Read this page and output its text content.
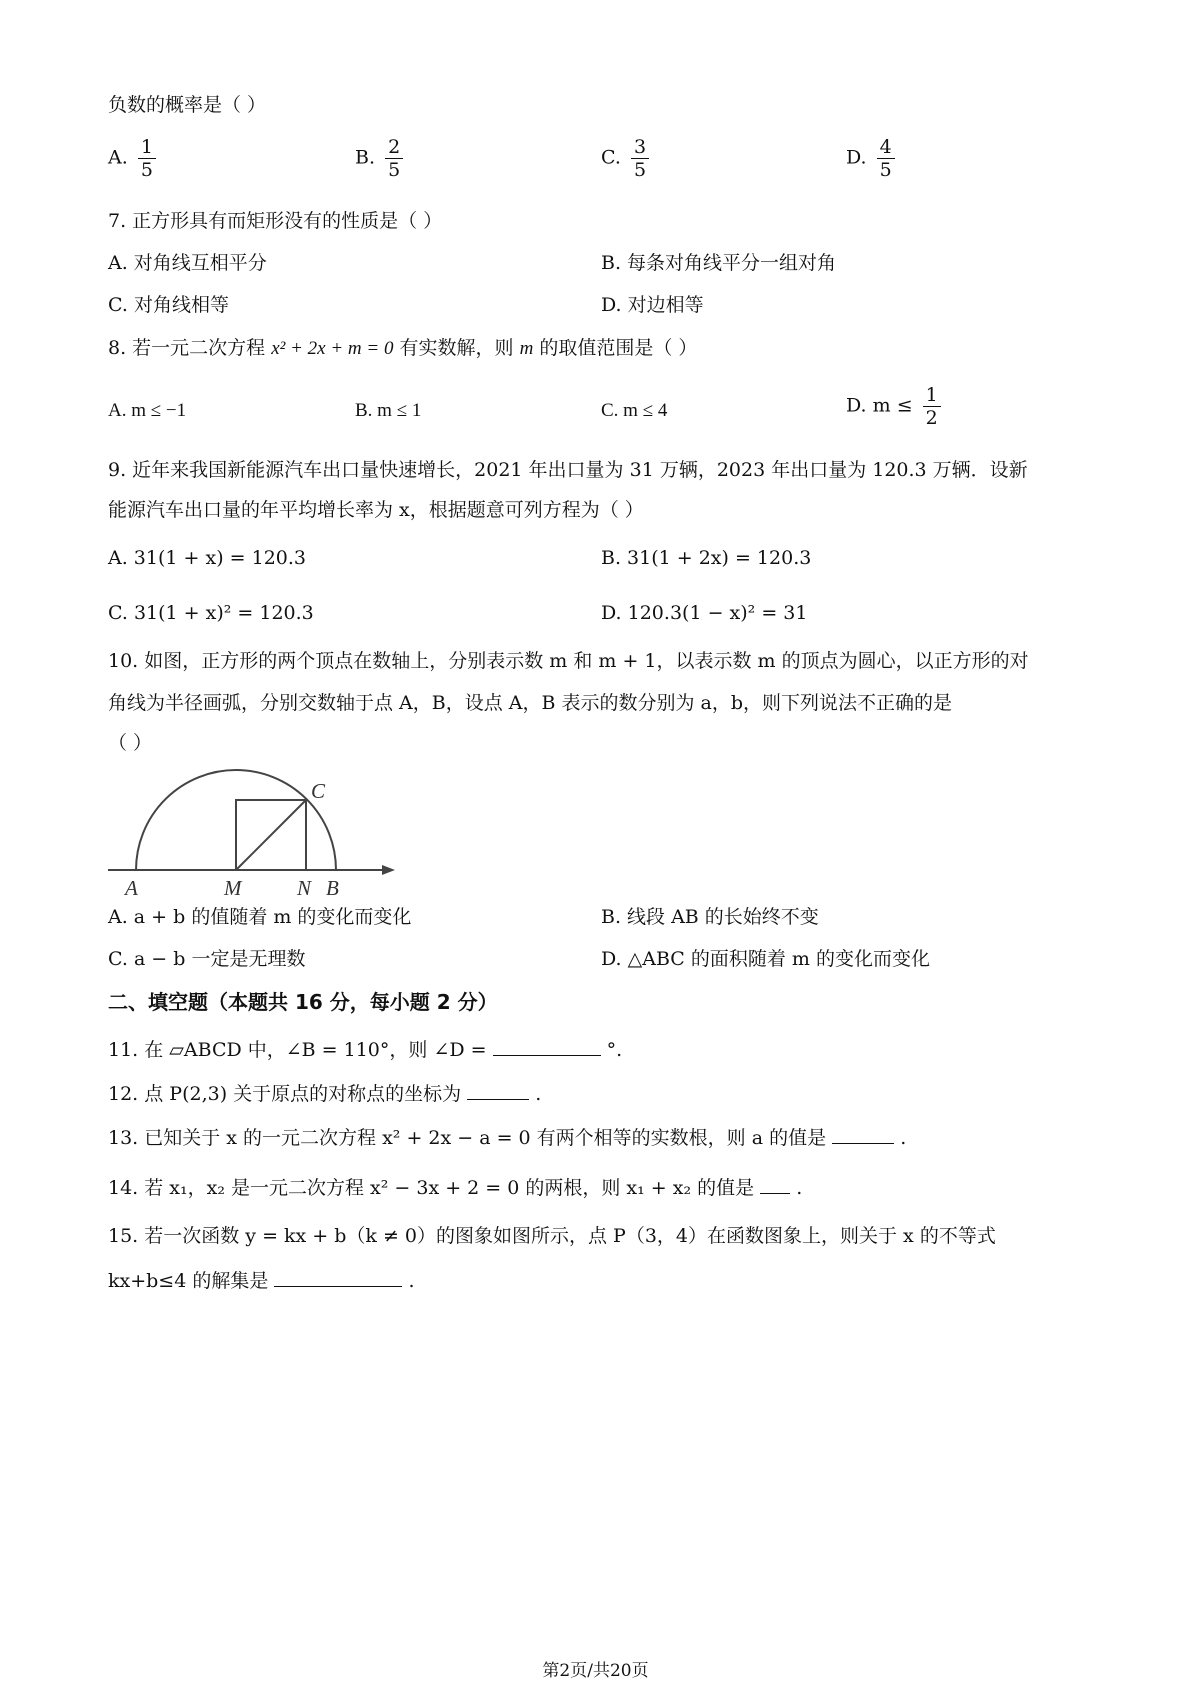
负数的概率是（ ）
A. $\frac{1}{5}$	B. $\frac{2}{5}$	C. $\frac{3}{5}$	D. $\frac{4}{5}$
7. 正方形具有而矩形没有的性质是（ ）
A. 对角线互相平分	B. 每条对角线平分一组对角
C. 对角线相等	D. 对边相等
8. 若一元二次方程 x² + 2x + m = 0 有实数解，则 m 的取值范围是（ ）
A. m ≤ −1	B. m ≤ 1	C. m ≤ 4	D. $m \le \frac{1}{2}$
9. 近年来我国新能源汽车出口量快速增长，2021 年出口量为 31 万辆，2023 年出口量为 120.3 万辆．设新
能源汽车出口量的年平均增长率为 x，根据题意可列方程为（ ）
A. 31(1 + x) = 120.3	B. 31(1 + 2x) = 120.3
C. 31(1 + x)² = 120.3	D. 120.3(1 − x)² = 31
10. 如图，正方形的两个顶点在数轴上，分别表示数 m 和 m + 1，以表示数 m 的顶点为圆心，以正方形的对
角线为半径画弧，分别交数轴于点 A，B，设点 A，B 表示的数分别为 a，b，则下列说法不正确的是
（ ）
A	M	N B
C
A. a + b 的值随着 m 的变化而变化	B. 线段 AB 的长始终不变
C. a − b 一定是无理数	D. △ABC 的面积随着 m 的变化而变化
二、填空题（本题共 16 分，每小题 2 分）
11. 在 ▱ABCD 中，∠B = 110°，则 ∠D =	°.
12. 点 P(2,3) 关于原点的对称点的坐标为	.
13. 已知关于 x 的一元二次方程 x² + 2x − a = 0 有两个相等的实数根，则 a 的值是	.
14. 若 x₁，x₂ 是一元二次方程 x² − 3x + 2 = 0 的两根，则 x₁ + x₂ 的值是 .
15. 若一次函数 y = kx + b（k ≠ 0）的图象如图所示，点 P（3，4）在函数图象上，则关于 x 的不等式
kx+b≤4 的解集是	.
第2页/共20页
